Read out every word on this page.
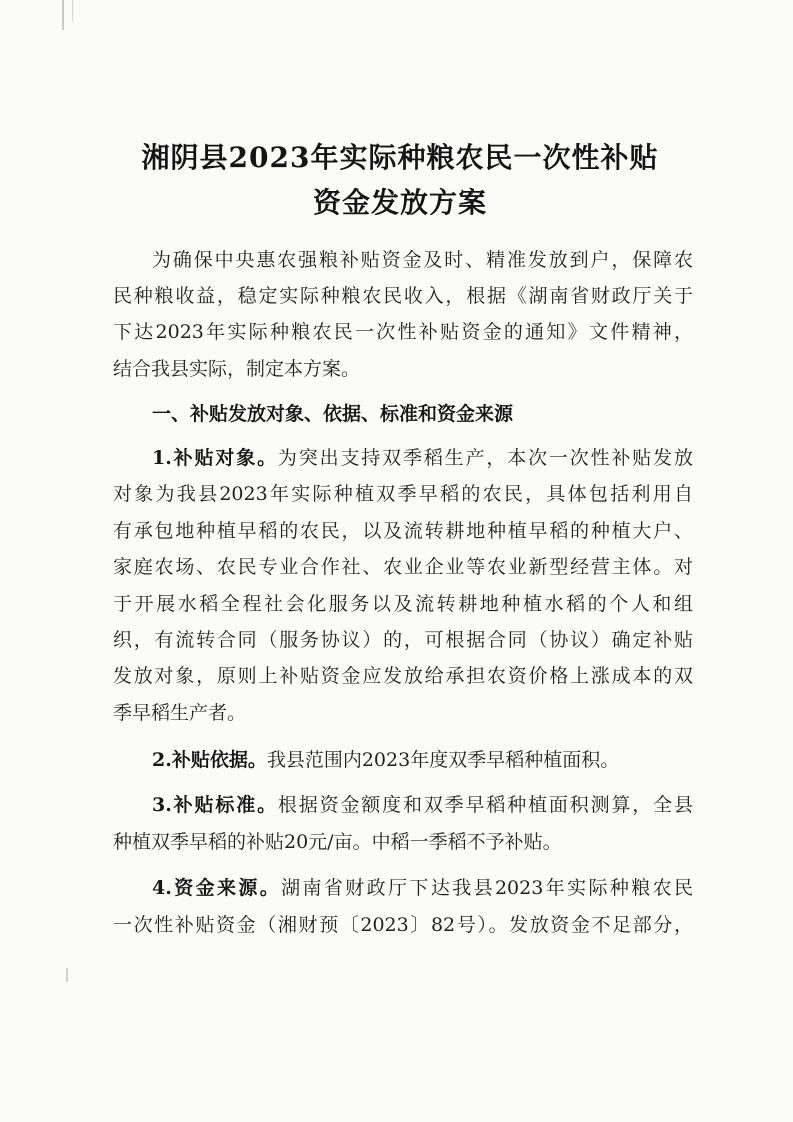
湘阴县2023年实际种粮农民一次性补贴
资金发放方案
为确保中央惠农强粮补贴资金及时、精准发放到户，保障农
民种粮收益，稳定实际种粮农民收入，根据《湖南省财政厅关于
下达2023年实际种粮农民一次性补贴资金的通知》文件精神，
结合我县实际，制定本方案。
一、补贴发放对象、依据、标准和资金来源
1.补贴对象。为突出支持双季稻生产，本次一次性补贴发放
对象为我县2023年实际种植双季早稻的农民，具体包括利用自
有承包地种植早稻的农民，以及流转耕地种植早稻的种植大户、
家庭农场、农民专业合作社、农业企业等农业新型经营主体。对
于开展水稻全程社会化服务以及流转耕地种植水稻的个人和组
织，有流转合同（服务协议）的，可根据合同（协议）确定补贴
发放对象，原则上补贴资金应发放给承担农资价格上涨成本的双
季早稻生产者。
2.补贴依据。我县范围内2023年度双季早稻种植面积。
3.补贴标准。根据资金额度和双季早稻种植面积测算，全县
种植双季早稻的补贴20元/亩。中稻一季稻不予补贴。
4.资金来源。湖南省财政厅下达我县2023年实际种粮农民
一次性补贴资金（湘财预〔2023〕82号）。发放资金不足部分，
